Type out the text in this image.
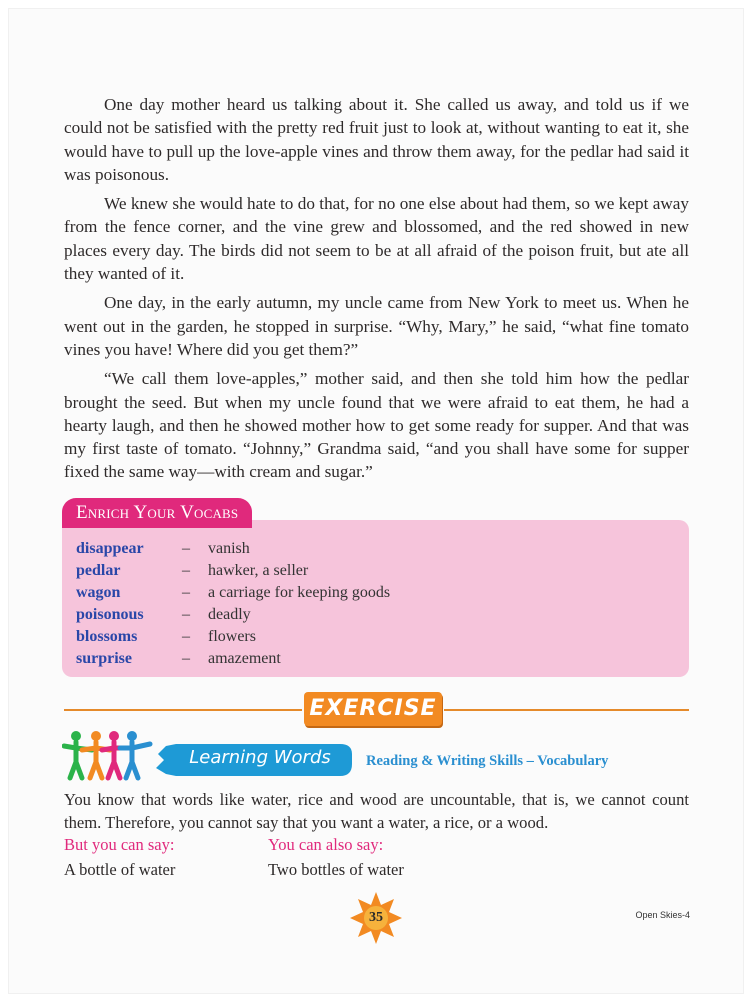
One day mother heard us talking about it. She called us away, and told us if we could not be satisfied with the pretty red fruit just to look at, without wanting to eat it, she would have to pull up the love-apple vines and throw them away, for the pedlar had said it was poisonous.

We knew she would hate to do that, for no one else about had them, so we kept away from the fence corner, and the vine grew and blossomed, and the red showed in new places every day. The birds did not seem to be at all afraid of the poison fruit, but ate all they wanted of it.

One day, in the early autumn, my uncle came from New York to meet us. When he went out in the garden, he stopped in surprise. “Why, Mary,” he said, “what fine tomato vines you have! Where did you get them?”

“We call them love-apples,” mother said, and then she told him how the pedlar brought the seed. But when my uncle found that we were afraid to eat them, he had a hearty laugh, and then he showed mother how to get some ready for supper. And that was my first taste of tomato. “Johnny,” Grandma said, “and you shall have some for supper fixed the same way—with cream and sugar.”

disappear	–	vanish
pedlar	–	hawker, a seller
wagon	–	a carriage for keeping goods
poisonous	–	deadly
blossoms	–	flowers
surprise	–	amazement
Enrich Your Vocabs
EXERCISE
Learning Words	Reading & Writing Skills – Vocabulary
You know that words like water, rice and wood are uncountable, that is, we cannot count them. Therefore, you cannot say that you want a water, a rice, or a wood.
But you can say:	You can also say:
A bottle of water	Two bottles of water
35	Open Skies-4
